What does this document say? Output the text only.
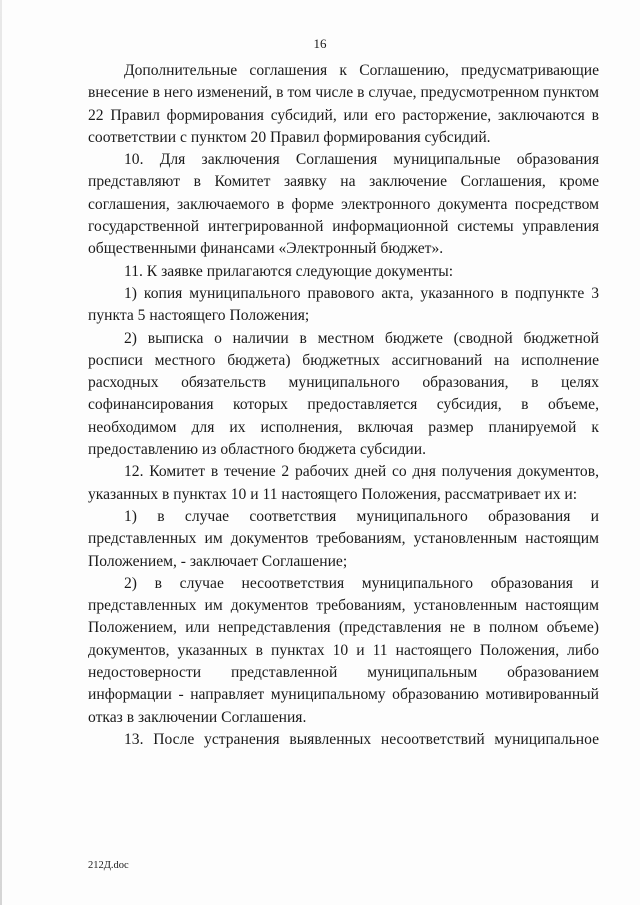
16

Дополнительные соглашения к Соглашению, предусматривающие внесение в него изменений, в том числе в случае, предусмотренном пунктом 22 Правил формирования субсидий, или его расторжение, заключаются в соответствии с пунктом 20 Правил формирования субсидий.

10. Для заключения Соглашения муниципальные образования представляют в Комитет заявку на заключение Соглашения, кроме соглашения, заключаемого в форме электронного документа посредством государственной интегрированной информационной системы управления общественными финансами «Электронный бюджет».

11. К заявке прилагаются следующие документы:

1) копия муниципального правового акта, указанного в подпункте 3 пункта 5 настоящего Положения;

2) выписка о наличии в местном бюджете (сводной бюджетной росписи местного бюджета) бюджетных ассигнований на исполнение расходных обязательств муниципального образования, в целях софинансирования которых предоставляется субсидия, в объеме, необходимом для их исполнения, включая размер планируемой к предоставлению из областного бюджета субсидии.

12. Комитет в течение 2 рабочих дней со дня получения документов, указанных в пунктах 10 и 11 настоящего Положения, рассматривает их и:

1) в случае соответствия муниципального образования и представленных им документов требованиям, установленным настоящим Положением, - заключает Соглашение;

2) в случае несоответствия муниципального образования и представленных им документов требованиям, установленным настоящим Положением, или непредставления (представления не в полном объеме) документов, указанных в пунктах 10 и 11 настоящего Положения, либо недостоверности представленной муниципальным образованием информации - направляет муниципальному образованию мотивированный отказ в заключении Соглашения.

13. После устранения выявленных несоответствий муниципальное

212Д.doc
